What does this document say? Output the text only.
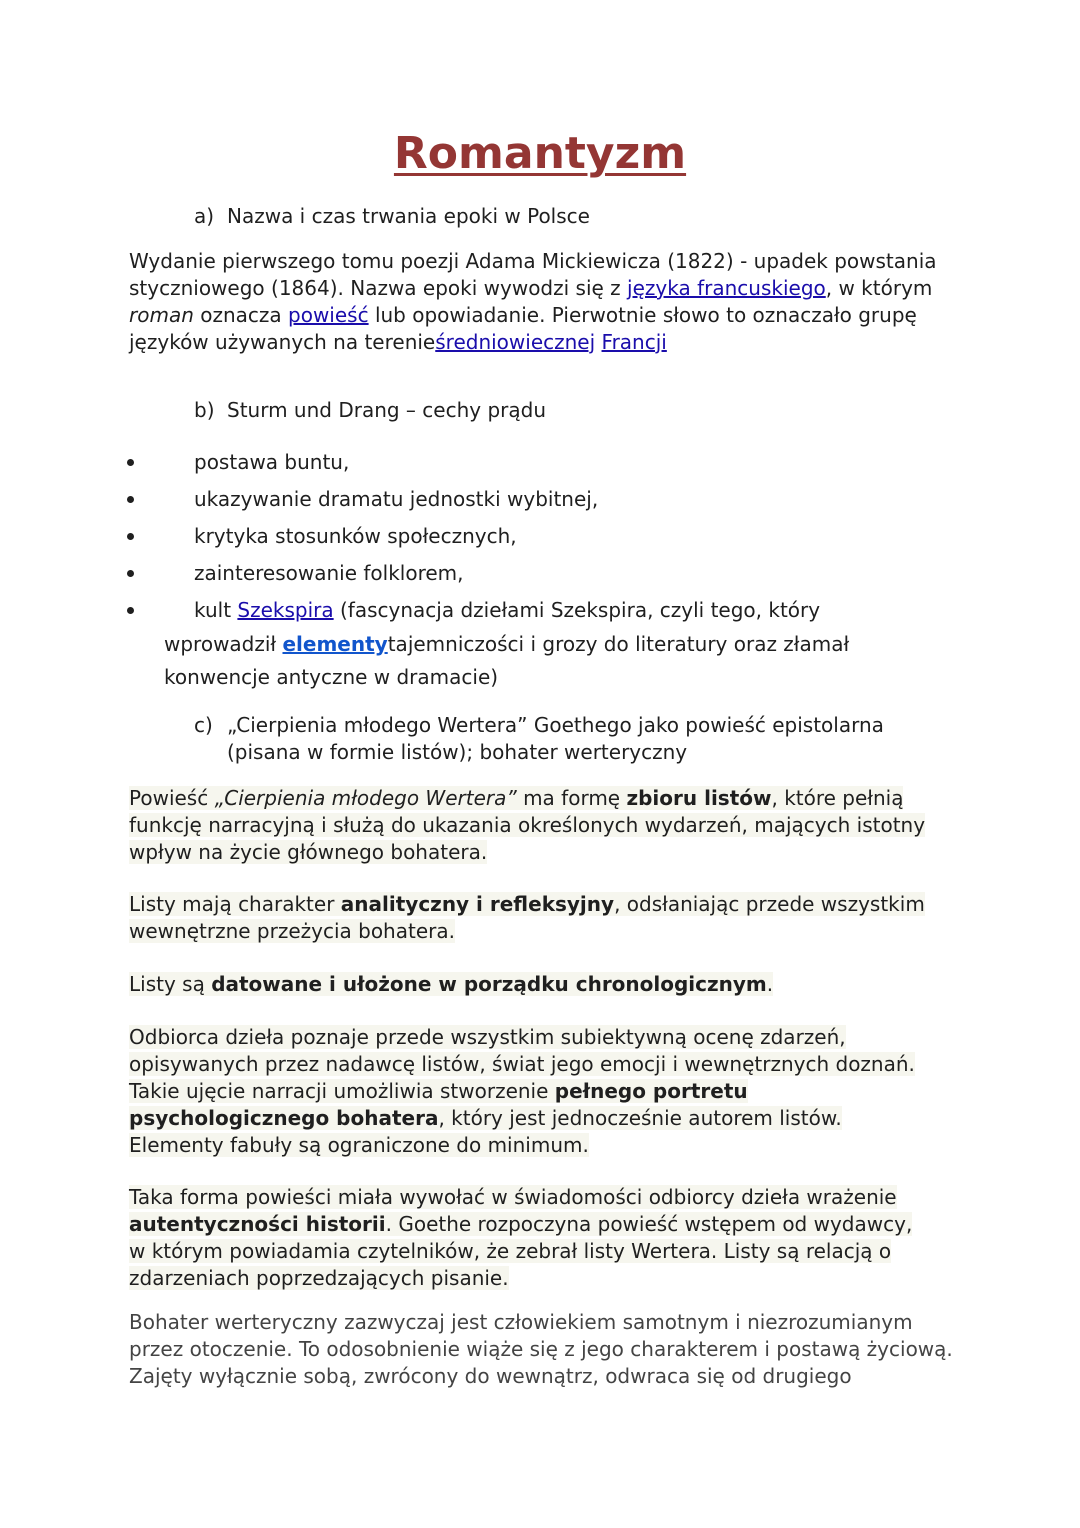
Romantyzm

a) Nazwa i czas trwania epoki w Polsce

Wydanie pierwszego tomu poezji Adama Mickiewicza (1822) - upadek powstania styczniowego (1864). Nazwa epoki wywodzi się z języka francuskiego, w którym roman oznacza powieść lub opowiadanie. Pierwotnie słowo to oznaczało grupę języków używanych na terenieśredniowiecznej Francji

b) Sturm und Drang – cechy prądu

postawa buntu,
ukazywanie dramatu jednostki wybitnej,
krytyka stosunków społecznych,
zainteresowanie folklorem,
kult Szekspira (fascynacja dziełami Szekspira, czyli tego, który

wprowadził elementytajemniczości i grozy do literatury oraz złamał konwencje antyczne w dramacie)

c) „Cierpienia młodego Wertera” Goethego jako powieść epistolarna (pisana w formie listów); bohater werteryczny

Powieść „Cierpienia młodego Wertera” ma formę zbioru listów, które pełnią funkcję narracyjną i służą do ukazania określonych wydarzeń, mających istotny wpływ na życie głównego bohatera.

Listy mają charakter analityczny i refleksyjny, odsłaniając przede wszystkim wewnętrzne przeżycia bohatera.

Listy są datowane i ułożone w porządku chronologicznym.

Odbiorca dzieła poznaje przede wszystkim subiektywną ocenę zdarzeń, opisywanych przez nadawcę listów, świat jego emocji i wewnętrznych doznań. Takie ujęcie narracji umożliwia stworzenie pełnego portretu psychologicznego bohatera, który jest jednocześnie autorem listów. Elementy fabuły są ograniczone do minimum.

Taka forma powieści miała wywołać w świadomości odbiorcy dzieła wrażenie autentyczności historii. Goethe rozpoczyna powieść wstępem od wydawcy, w którym powiadamia czytelników, że zebrał listy Wertera. Listy są relacją o zdarzeniach poprzedzających pisanie.

Bohater werteryczny zazwyczaj jest człowiekiem samotnym i niezrozumianym przez otoczenie. To odosobnienie wiąże się z jego charakterem i postawą życiową. Zajęty wyłącznie sobą, zwrócony do wewnątrz, odwraca się od drugiego
